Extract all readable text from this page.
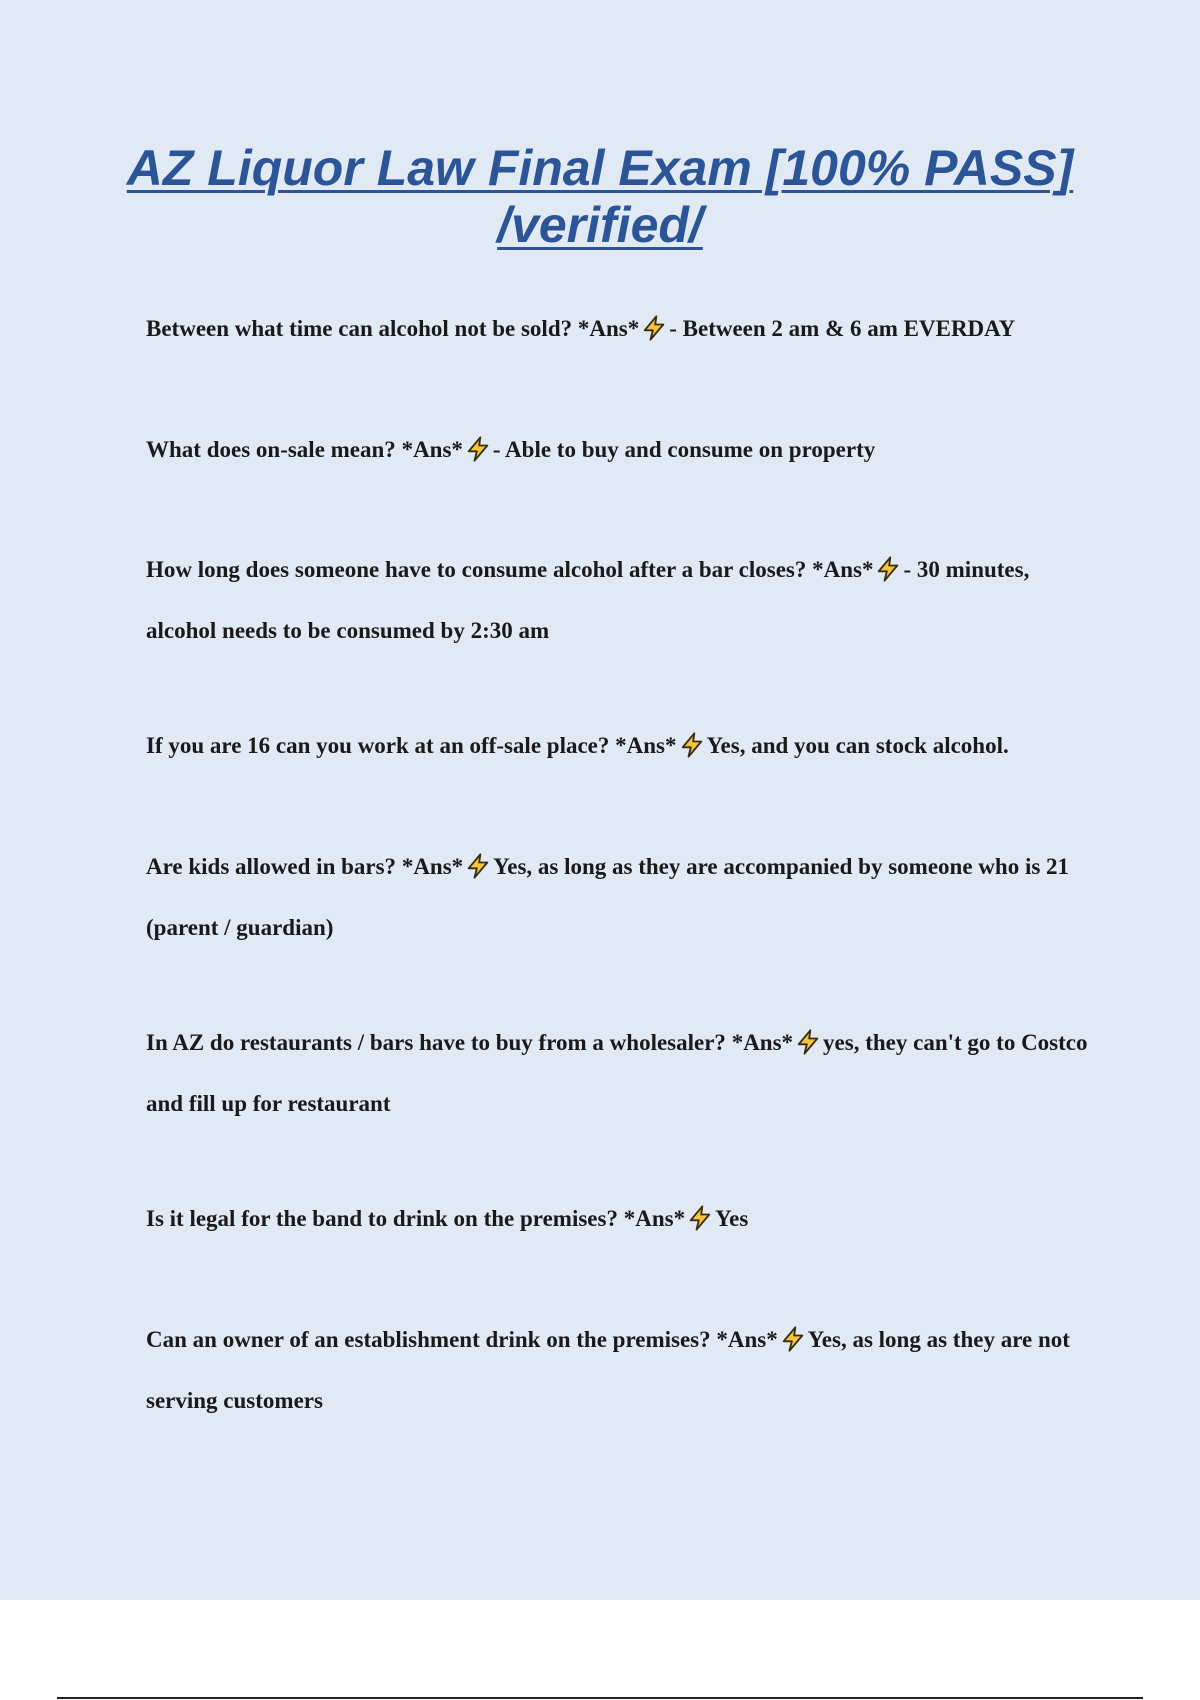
AZ Liquor Law Final Exam [100% PASS] /verified/

Between what time can alcohol not be sold? *Ans* - Between 2 am & 6 am EVERDAY

What does on-sale mean? *Ans* - Able to buy and consume on property

How long does someone have to consume alcohol after a bar closes? *Ans* - 30 minutes, alcohol needs to be consumed by 2:30 am

If you are 16 can you work at an off-sale place? *Ans* Yes, and you can stock alcohol.

Are kids allowed in bars? *Ans* Yes, as long as they are accompanied by someone who is 21 (parent / guardian)

In AZ do restaurants / bars have to buy from a wholesaler? *Ans* yes, they can't go to Costco and fill up for restaurant

Is it legal for the band to drink on the premises? *Ans* Yes

Can an owner of an establishment drink on the premises? *Ans* Yes, as long as they are not serving customers
